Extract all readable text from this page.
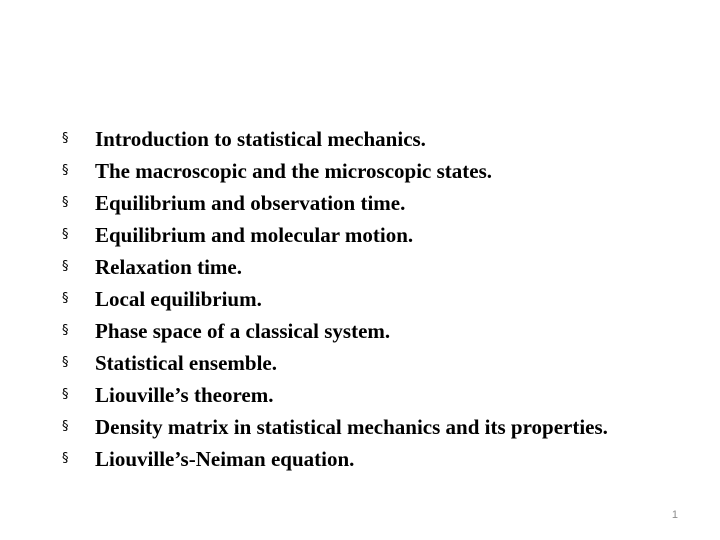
§	Introduction to statistical mechanics.
§	The macroscopic and the microscopic states.
§	Equilibrium and observation time.
§	Equilibrium and molecular motion.
§	Relaxation time.
§	Local equilibrium.
§	Phase space of a classical system.
§	Statistical ensemble.
§	Liouville’s theorem.
§	Density matrix in statistical mechanics and its properties.
§	Liouville’s-Neiman equation.
1
